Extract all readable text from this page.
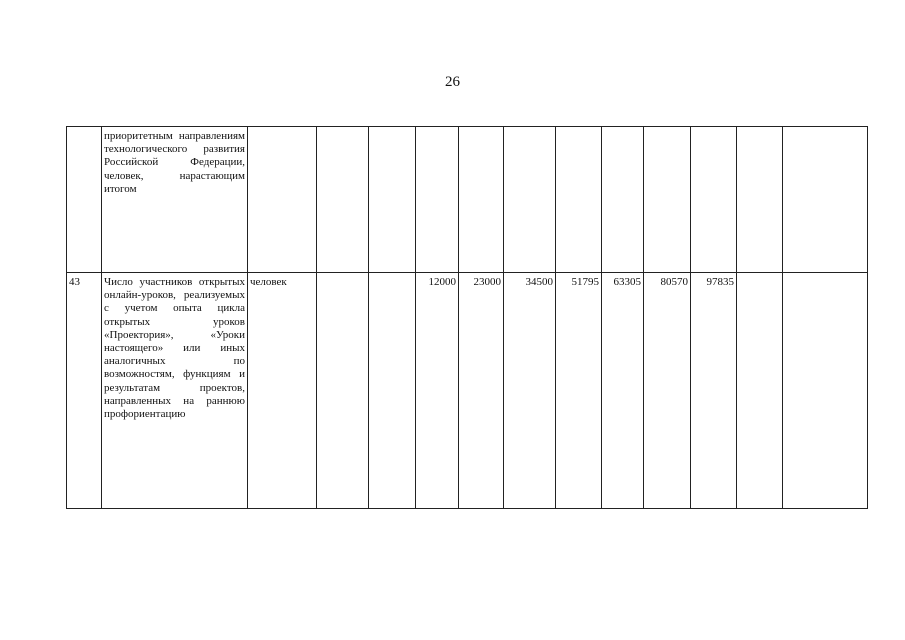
26
	приоритетным направлениям технологического развития Российской Федерации, человек, нарастающим итогом												
43	Число участников открытых онлайн-уроков, реализуемых с учетом опыта цикла открытых уроков «Проектория», «Уроки настоящего» или иных аналогичных по возможностям, функциям и результатам проектов, направленных на раннюю профориентацию	человек			12000	23000	34500	51795	63305	80570	97835		
